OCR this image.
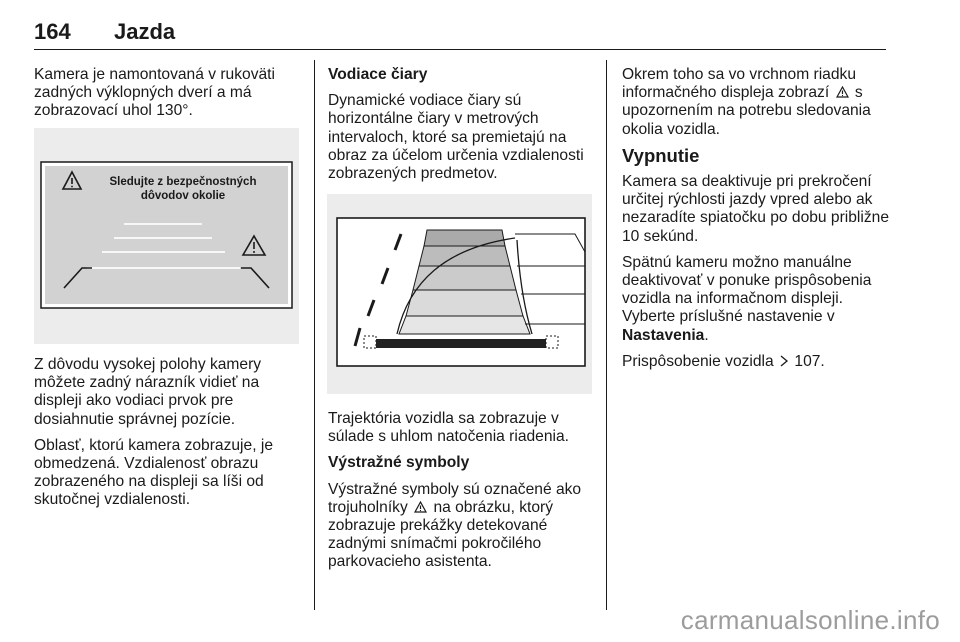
164 Jazda

Kamera je namontovaná v rukoväti zadných výklopných dverí a má zobrazovací uhol 130°.

Sledujte z bezpečnostných
dôvodov okolie

Z dôvodu vysokej polohy kamery môžete zadný nárazník vidieť na displeji ako vodiaci prvok pre dosiahnutie správnej pozície.

Oblasť, ktorú kamera zobrazuje, je obmedzená. Vzdialenosť obrazu zobrazeného na displeji sa líši od skutočnej vzdialenosti.

Vodiace čiary

Dynamické vodiace čiary sú horizontálne čiary v metrových intervaloch, ktoré sa premietajú na obraz za účelom určenia vzdialenosti zobrazených predmetov.

Trajektória vozidla sa zobrazuje v súlade s uhlom natočenia riadenia.

Výstražné symboly

Výstražné symboly sú označené ako trojuholníky na obrázku, ktorý zobrazuje prekážky detekované zadnými snímačmi pokročilého parkovacieho asistenta.

Okrem toho sa vo vrchnom riadku informačného displeja zobrazí s upozornením na potrebu sledovania okolia vozidla.

Vypnutie

Kamera sa deaktivuje pri prekročení určitej rýchlosti jazdy vpred alebo ak nezaradíte spiatočku po dobu približne 10 sekúnd.

Spätnú kameru možno manuálne deaktivovať v ponuke prispôsobenia vozidla na informačnom displeji. Vyberte príslušné nastavenie v Nastavenia.

Prispôsobenie vozidla 107.

carmanualsonline.info
